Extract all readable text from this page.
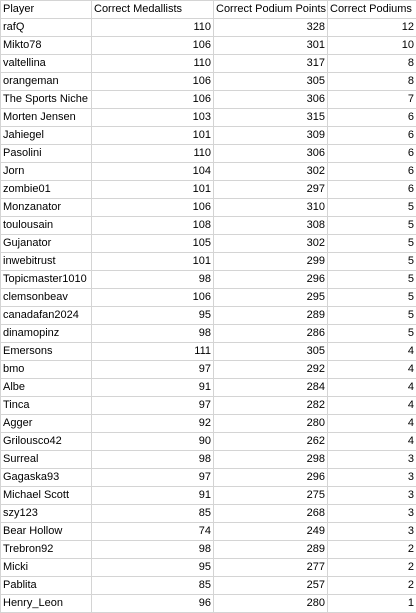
Player	Correct Medallists	Correct Podium Points	Correct Podiums
rafQ	110	328	12
Mikto78	106	301	10
valtellina	110	317	8
orangeman	106	305	8
The Sports Niche	106	306	7
Morten Jensen	103	315	6
Jahiegel	101	309	6
Pasolini	110	306	6
Jorn	104	302	6
zombie01	101	297	6
Monzanator	106	310	5
toulousain	108	308	5
Gujanator	105	302	5
inwebitrust	101	299	5
Topicmaster1010	98	296	5
clemsonbeav	106	295	5
canadafan2024	95	289	5
dinamopinz	98	286	5
Emersons	111	305	4
bmo	97	292	4
Albe	91	284	4
Tinca	97	282	4
Agger	92	280	4
Grilousco42	90	262	4
Surreal	98	298	3
Gagaska93	97	296	3
Michael Scott	91	275	3
szy123	85	268	3
Bear Hollow	74	249	3
Trebron92	98	289	2
Micki	95	277	2
Pablita	85	257	2
Henry_Leon	96	280	1
